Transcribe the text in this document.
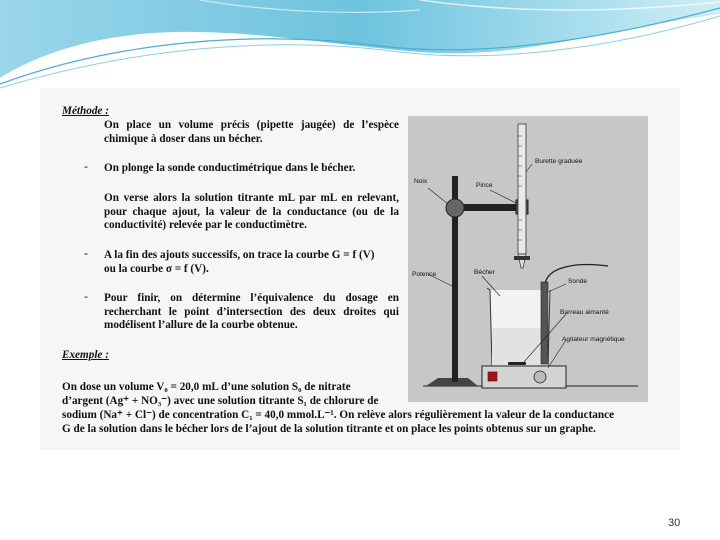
Méthode :
On place un volume précis (pipette jaugée) de l’espèce chimique à doser dans un bécher.
- On plonge la sonde conductimétrique dans le bécher.
On verse alors la solution titrante mL par mL en relevant, pour chaque ajout, la valeur de la conductance (ou de la conductivité) relevée par le conductimètre.
- A la fin des ajouts successifs, on trace la courbe G = f (V)
ou la courbe σ = f (V).
- Pour finir, on détermine l’équivalence du dosage en recherchant le point d’intersection des deux droites qui modélisent l’allure de la courbe obtenue.
Exemple :
On dose un volume V₀ = 20,0 mL d’une solution S₀ de nitrate
d’argent (Ag⁺ + NO₃⁻) avec une solution titrante S₁ de chlorure de
sodium (Na⁺ + Cl⁻) de concentration C₁ = 40,0 mmol.L⁻¹. On relève alors régulièrement la valeur de la conductance
G de la solution dans le bécher lors de l’ajout de la solution titrante et on place les points obtenus sur un graphe.
Burette graduée
Noix
Pince
Potence	Bécher
Sonde
Barreau aimanté
Agitateur magnétique
30
